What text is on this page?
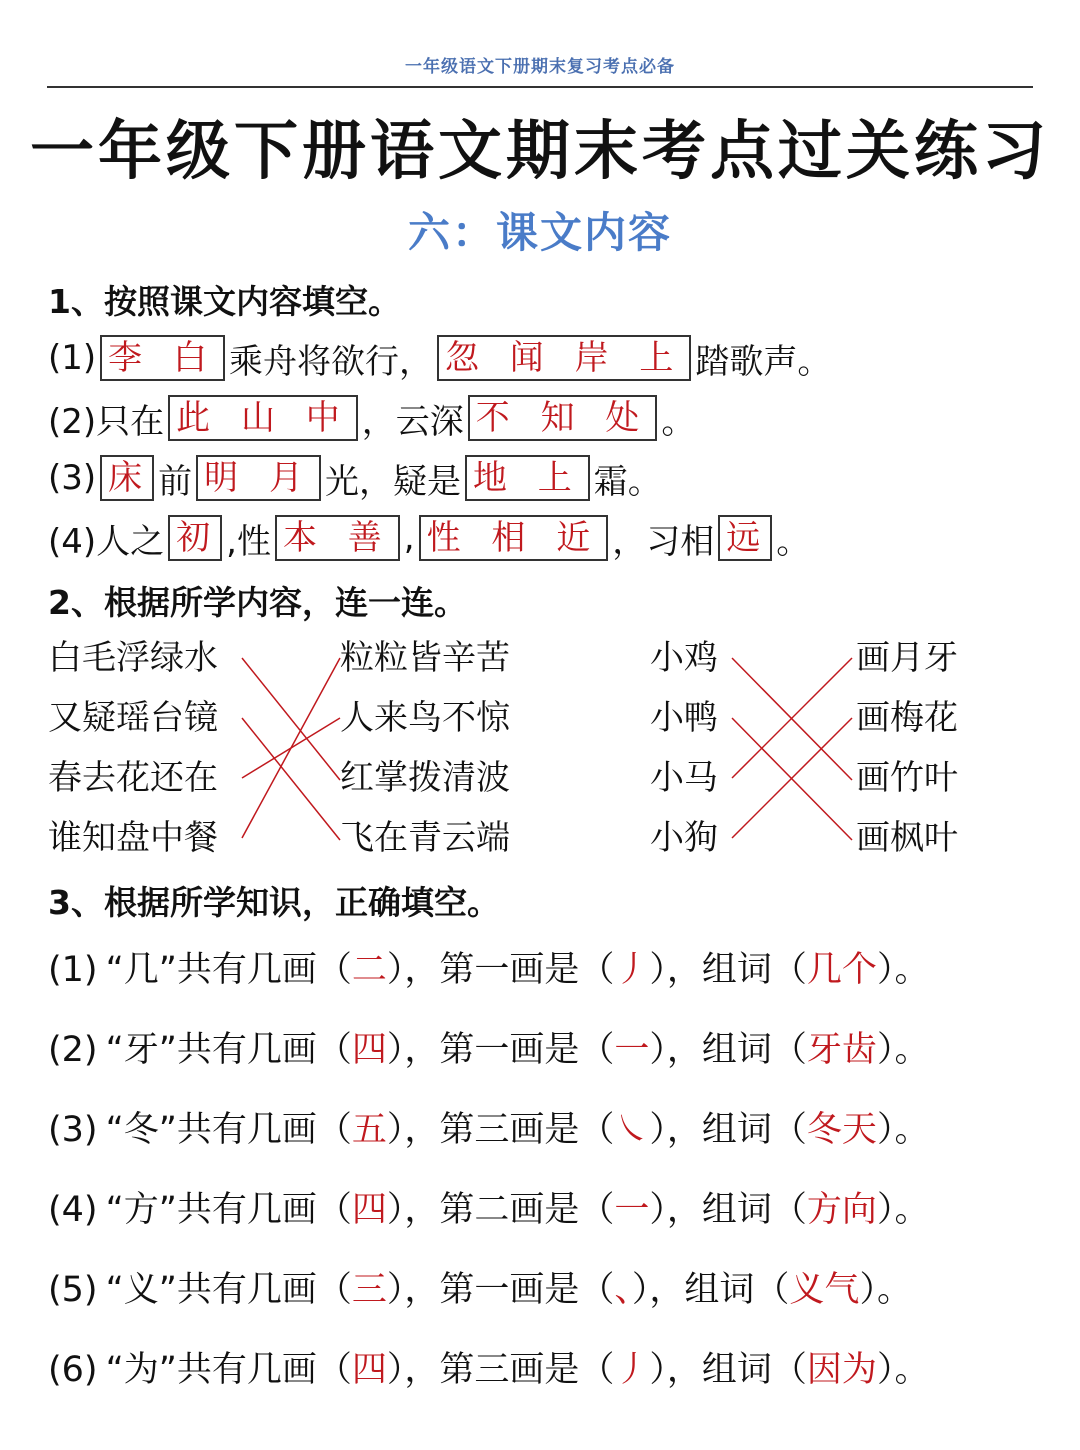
一年级语文下册期末复习考点必备
一年级下册语文期末考点过关练习
六：课文内容
1、按照课文内容填空。
(1) 李 白 乘舟将欲行， 忽 闻 岸 上 踏歌声。
(2)只在 此 山 中 ，云深 不 知 处 。
(3) 床 前 明 月 光，疑是 地 上 霜。
(4)人之 初 ,性 本 善 , 性 相 近 ，习相 远 。
2、根据所学内容，连一连。
白毛浮绿水
又疑瑶台镜
春去花还在
谁知盘中餐
粒粒皆辛苦
人来鸟不惊
红掌拨清波
飞在青云端
小鸡
小鸭
小马
小狗
画月牙
画梅花
画竹叶
画枫叶
3、根据所学知识，正确填空。
(1) “几”共有几画（二），第一画是（丿），组词（几个）。
(2) “牙”共有几画（四），第一画是（一），组词（牙齿）。
(3) “冬”共有几画（五），第三画是（㇏），组词（冬天）。
(4) “方”共有几画（四），第二画是（一），组词（方向）。
(5) “义”共有几画（三），第一画是（、），组词（义气）。
(6) “为”共有几画（四），第三画是（丿），组词（因为）。
